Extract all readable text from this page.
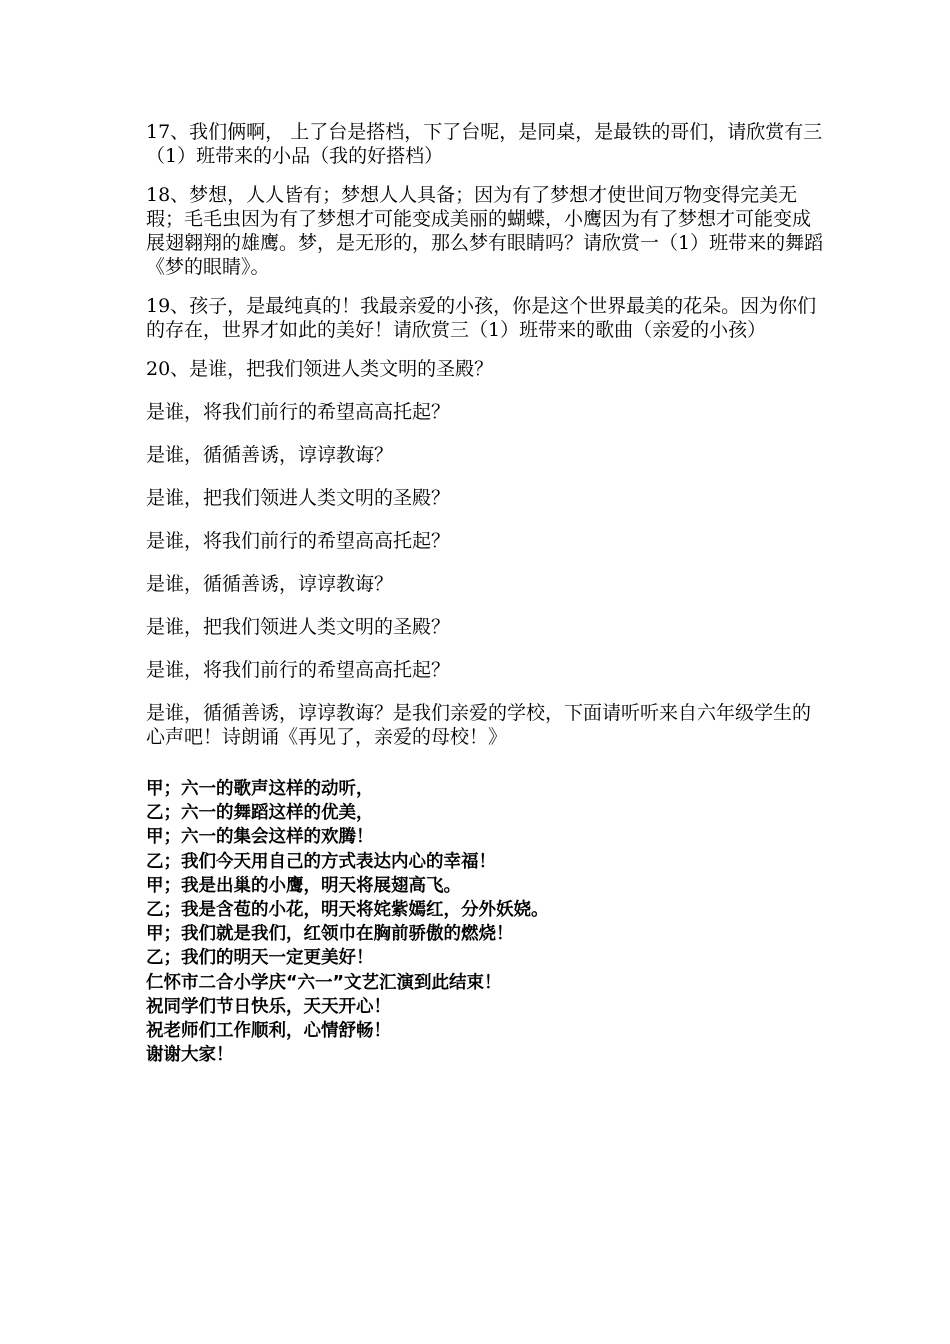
17、我们俩啊， 上了台是搭档，下了台呢，是同桌，是最铁的哥们，请欣赏有三（1）班带来的小品（我的好搭档）

18、梦想，人人皆有；梦想人人具备；因为有了梦想才使世间万物变得完美无瑕；毛毛虫因为有了梦想才可能变成美丽的蝴蝶，小鹰因为有了梦想才可能变成展翅翱翔的雄鹰。梦，是无形的，那么梦有眼睛吗？请欣赏一（1）班带来的舞蹈《梦的眼睛》。

19、孩子，是最纯真的！我最亲爱的小孩，你是这个世界最美的花朵。因为你们的存在，世界才如此的美好！请欣赏三（1）班带来的歌曲（亲爱的小孩）

20、是谁，把我们领进人类文明的圣殿？

是谁，将我们前行的希望高高托起？

是谁，循循善诱，谆谆教诲？

是谁，把我们领进人类文明的圣殿？

是谁，将我们前行的希望高高托起？

是谁，循循善诱，谆谆教诲？

是谁，把我们领进人类文明的圣殿？

是谁，将我们前行的希望高高托起？

是谁，循循善诱，谆谆教诲？是我们亲爱的学校，下面请听听来自六年级学生的心声吧！诗朗诵《再见了，亲爱的母校！》

甲；六一的歌声这样的动听，
乙；六一的舞蹈这样的优美，
甲；六一的集会这样的欢腾！
乙；我们今天用自己的方式表达内心的幸福！
甲；我是出巢的小鹰，明天将展翅高飞。
乙；我是含苞的小花，明天将姹紫嫣红，分外妖娆。
甲；我们就是我们，红领巾在胸前骄傲的燃烧！
乙；我们的明天一定更美好！
仁怀市二合小学庆“六一”文艺汇演到此结束！
祝同学们节日快乐，天天开心！
祝老师们工作顺利，心情舒畅！
谢谢大家！
